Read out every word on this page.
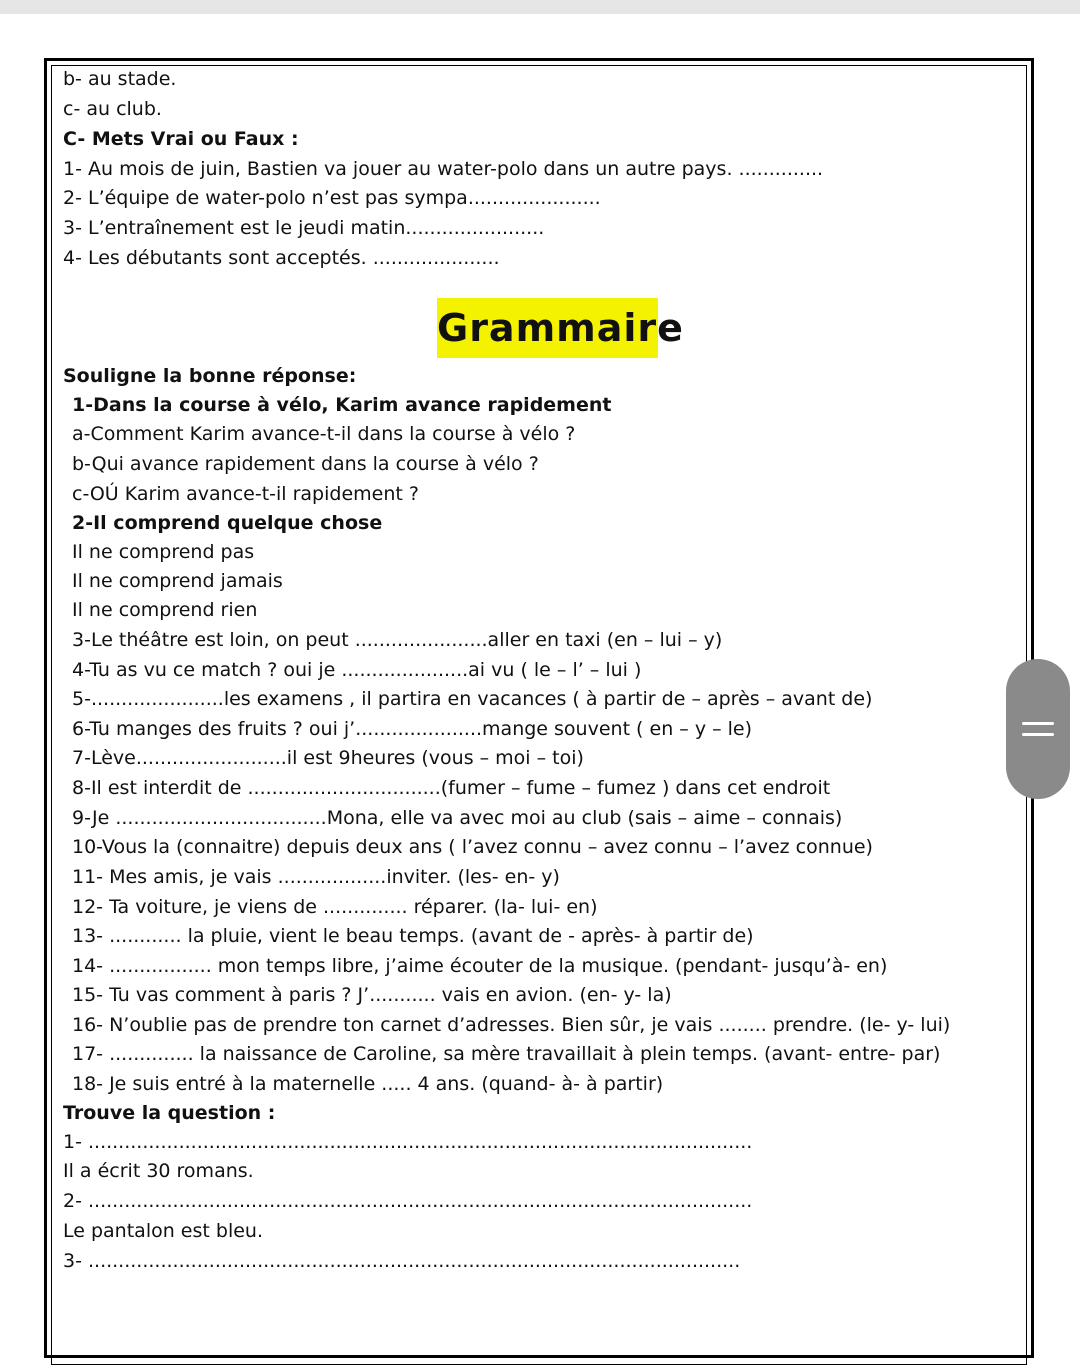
b- au stade.
c- au club.
C- Mets Vrai ou Faux :
1- Au mois de juin, Bastien va jouer au water-polo dans un autre pays. ..............
2- L’équipe de water-polo n’est pas sympa......................
3- L’entraînement est le jeudi matin.......................
4- Les débutants sont acceptés. .....................
Grammaire
Souligne la bonne réponse:
1-Dans la course à vélo, Karim avance rapidement
a-Comment Karim avance-t-il dans la course à vélo ?
b-Qui avance rapidement dans la course à vélo ?
c-OÚ Karim avance-t-il rapidement ?
2-Il comprend quelque chose
Il ne comprend pas
Il ne comprend jamais
Il ne comprend rien
3-Le théâtre est loin, on peut ......................aller en taxi (en – lui – y)
4-Tu as vu ce match ? oui je .....................ai vu ( le – l’ – lui )
5-......................les examens , il partira en vacances ( à partir de – après – avant de)
6-Tu manges des fruits ? oui j’.....................mange souvent ( en – y – le)
7-Lève.........................il est 9heures (vous – moi – toi)
8-Il est interdit de ................................(fumer – fume – fumez ) dans cet endroit
9-Je ...................................Mona, elle va avec moi au club (sais – aime – connais)
10-Vous la (connaitre) depuis deux ans ( l’avez connu – avez connu – l’avez connue)
11- Mes amis, je vais ..................inviter. (les- en- y)
12- Ta voiture, je viens de .............. réparer. (la- lui- en)
13- ............ la pluie, vient le beau temps. (avant de - après- à partir de)
14- ................. mon temps libre, j’aime écouter de la musique. (pendant- jusqu’à- en)
15- Tu vas comment à paris ? J’........... vais en avion. (en- y- la)
16- N’oublie pas de prendre ton carnet d’adresses. Bien sûr, je vais ........ prendre. (le- y- lui)
17- .............. la naissance de Caroline, sa mère travaillait à plein temps. (avant- entre- par)
18- Je suis entré à la maternelle ..... 4 ans. (quand- à- à partir)
Trouve la question :
1- ..............................................................................................................
Il a écrit 30 romans.
2- ..............................................................................................................
Le pantalon est bleu.
3- ............................................................................................................
